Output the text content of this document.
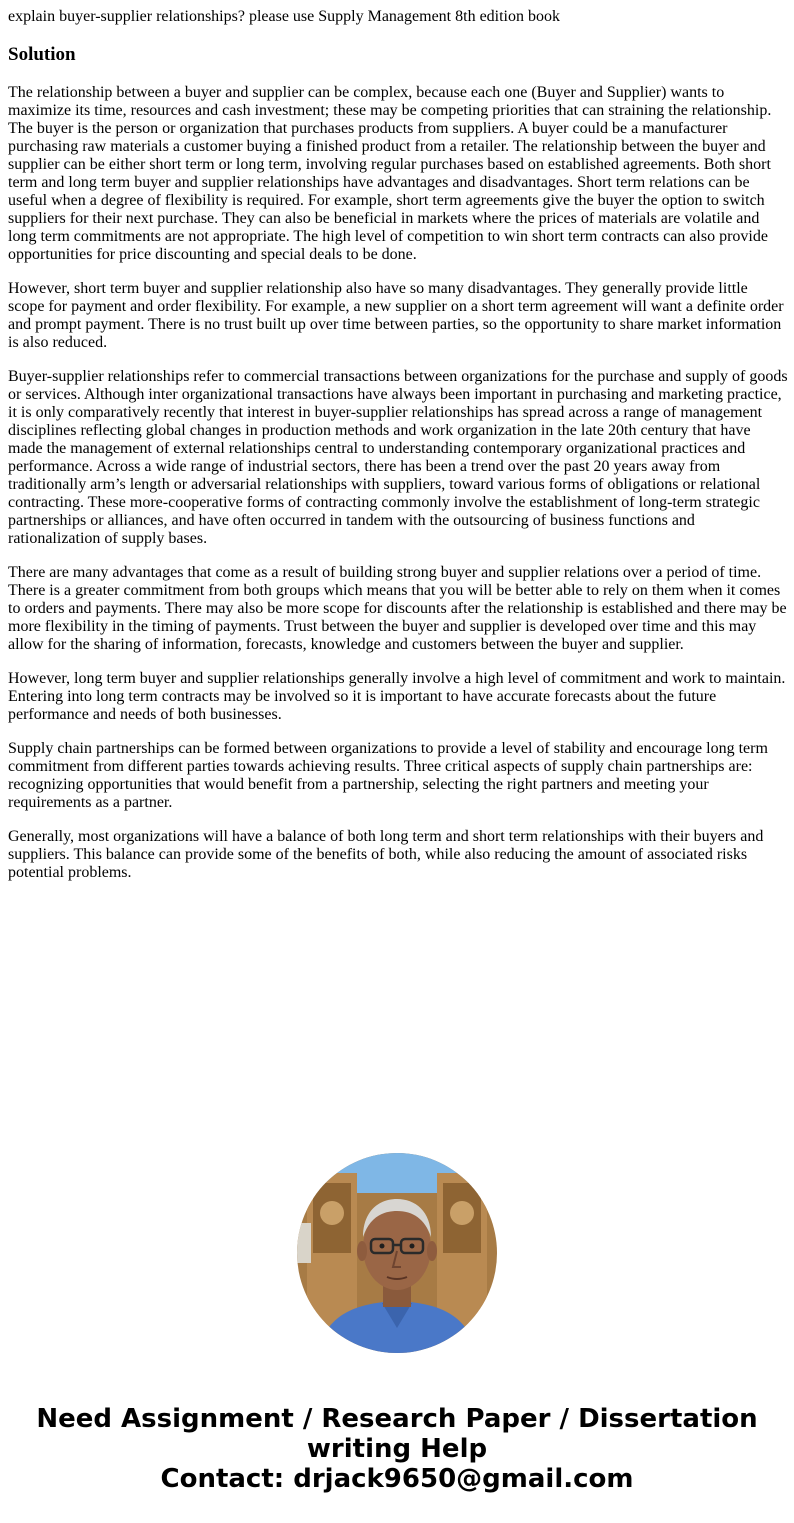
explain buyer-supplier relationships? please use Supply Management 8th edition book
Solution

The relationship between a buyer and supplier can be complex, because each one (Buyer and Supplier) wants to maximize its time, resources and cash investment; these may be competing priorities that can straining the relationship. The buyer is the person or organization that purchases products from suppliers. A buyer could be a manufacturer purchasing raw materials a customer buying a finished product from a retailer. The relationship between the buyer and supplier can be either short term or long term, involving regular purchases based on established agreements. Both short term and long term buyer and supplier relationships have advantages and disadvantages. Short term relations can be useful when a degree of flexibility is required. For example, short term agreements give the buyer the option to switch suppliers for their next purchase. They can also be beneficial in markets where the prices of materials are volatile and long term commitments are not appropriate. The high level of competition to win short term contracts can also provide opportunities for price discounting and special deals to be done.

However, short term buyer and supplier relationship also have so many disadvantages. They generally provide little scope for payment and order flexibility. For example, a new supplier on a short term agreement will want a definite order and prompt payment. There is no trust built up over time between parties, so the opportunity to share market information is also reduced.

Buyer-supplier relationships refer to commercial transactions between organizations for the purchase and supply of goods or services. Although inter organizational transactions have always been important in purchasing and marketing practice, it is only comparatively recently that interest in buyer-supplier relationships has spread across a range of management disciplines reflecting global changes in production methods and work organization in the late 20th century that have made the management of external relationships central to understanding contemporary organizational practices and performance. Across a wide range of industrial sectors, there has been a trend over the past 20 years away from traditionally arm’s length or adversarial relationships with suppliers, toward various forms of obligations or relational contracting. These more-cooperative forms of contracting commonly involve the establishment of long-term strategic partnerships or alliances, and have often occurred in tandem with the outsourcing of business functions and rationalization of supply bases.

There are many advantages that come as a result of building strong buyer and supplier relations over a period of time. There is a greater commitment from both groups which means that you will be better able to rely on them when it comes to orders and payments. There may also be more scope for discounts after the relationship is established and there may be more flexibility in the timing of payments. Trust between the buyer and supplier is developed over time and this may allow for the sharing of information, forecasts, knowledge and customers between the buyer and supplier.

However, long term buyer and supplier relationships generally involve a high level of commitment and work to maintain. Entering into long term contracts may be involved so it is important to have accurate forecasts about the future performance and needs of both businesses.

Supply chain partnerships can be formed between organizations to provide a level of stability and encourage long term commitment from different parties towards achieving results. Three critical aspects of supply chain partnerships are: recognizing opportunities that would benefit from a partnership, selecting the right partners and meeting your requirements as a partner.

Generally, most organizations will have a balance of both long term and short term relationships with their buyers and suppliers. This balance can provide some of the benefits of both, while also reducing the amount of associated risks potential problems.

Need Assignment / Research Paper / Dissertation
writing Help
Contact: drjack9650@gmail.com
